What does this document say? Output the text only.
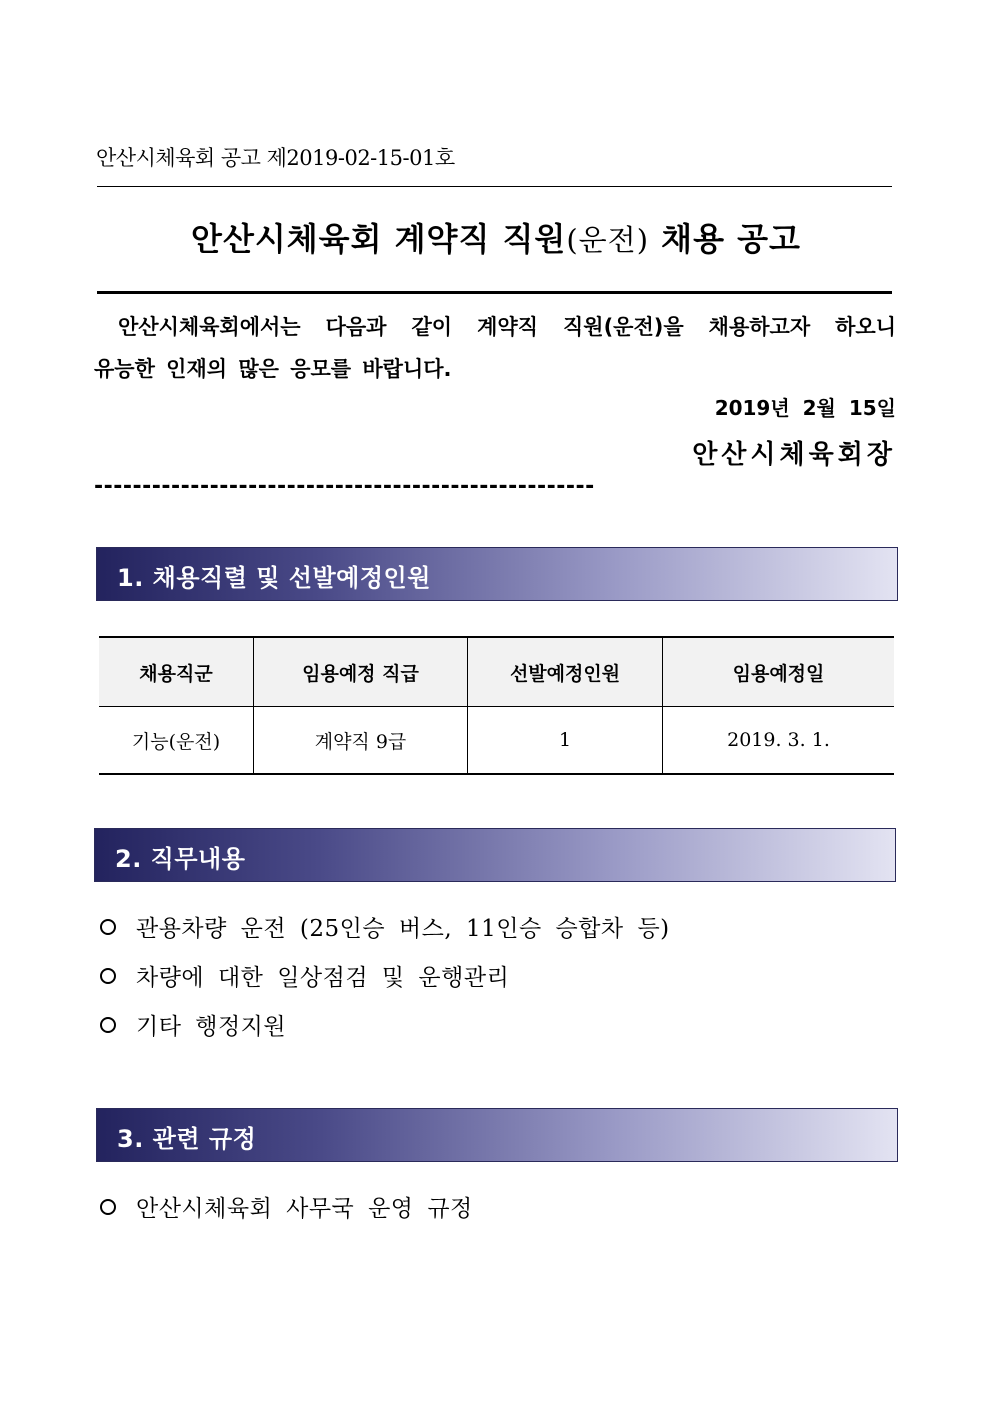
안산시체육회 공고 제2019-02-15-01호
안산시체육회 계약직 직원(운전) 채용 공고
안산시체육회에서는 다음과 같이 계약직 직원(운전)을 채용하고자 하오니
유능한 인재의 많은 응모를 바랍니다.
2019년 2월 15일
안산시체육회장
----------------------------------------------------
1. 채용직렬 및 선발예정인원
채용직군	임용예정 직급	선발예정인원	임용예정일
기능(운전)	계약직 9급	1	2019. 3. 1.
2. 직무내용
관용차량 운전 (25인승 버스, 11인승 승합차 등)
차량에 대한 일상점검 및 운행관리
기타 행정지원
3. 관련 규정
안산시체육회 사무국 운영 규정
